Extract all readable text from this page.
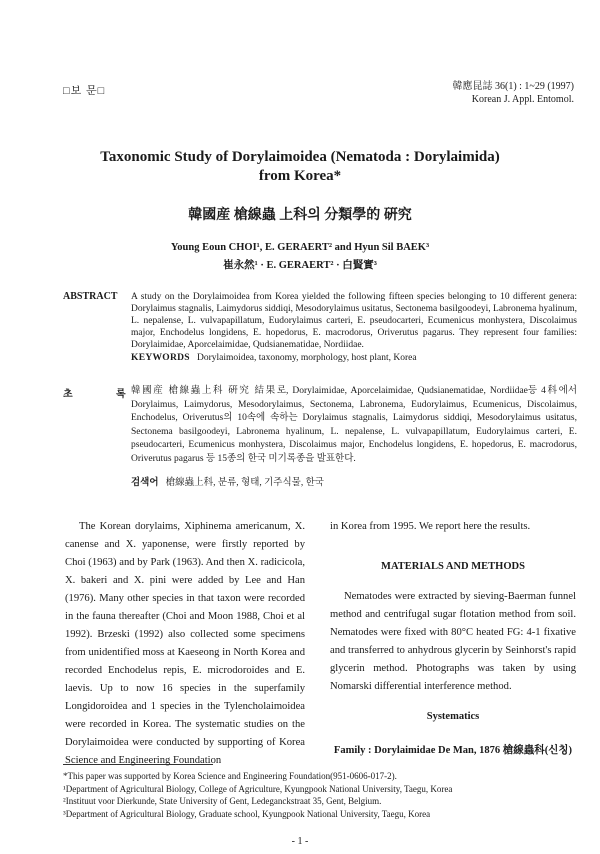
□보 문□	韓應昆誌 36(1) : 1~29 (1997)
Korean J. Appl. Entomol.
Taxonomic Study of Dorylaimoidea (Nematoda : Dorylaimida)
from Korea*
韓國産 槍線蟲 上科의 分類學的 硏究
Young Eoun CHOI¹, E. GERAERT² and Hyun Sil BAEK³
崔永然¹ · E. GERAERT² · 白賢實³
ABSTRACT A study on the Dorylaimoidea from Korea yielded the following fifteen species belonging to 10 different genera: Dorylaimus stagnalis, Laimydorus siddiqi, Mesodorylaimus usitatus, Sectonema basilgoodeyi, Labronema hyalinum, L. nepalense, L. vulvapapillatum, Eudorylaimus carteri, E. pseudocarteri, Ecumenicus monhystera, Discolaimus major, Enchodelus longidens, E. hopedorus, E. macrodorus, Oriverutus pagarus. They represent four families: Dorylaimidae, Aporcelaimidae, Qudsianematidae, Nordiidae.
KEYWORDS Dorylaimoidea, taxonomy, morphology, host plant, Korea
초	록 韓國産 槍線蟲上科 硏究 結果로, Dorylaimidae, Aporcelaimidae, Qudsianematidae, Nordiidae등 4科에서 Dorylaimus, Laimydorus, Mesodorylaimus, Sectonema, Labronema, Eudorylaimus, Ecumenicus, Discolaimus, Enchodelus, Oriverutus의 10속에 속하는 Dorylaimus stagnalis, Laimydorus siddiqi, Mesodorylaimus usitatus, Sectonema basilgoodeyi, Labronema hyalinum, L. nepalense, L. vulvapapillatum, Eudorylaimus carteri, E. pseudocarteri, Ecumenicus monhystera, Discolaimus major, Enchodelus longidens, E. hopedorus, E. macrodorus, Oriverutus pagarus 등 15종의 한국 미기록종을 발표한다.
검색어 槍線蟲上科, 분류, 형태, 기주식물, 한국

The Korean dorylaims, Xiphinema americanum, X. canense and X. yaponense, were firstly reported by Choi (1963) and by Park (1963). And then X. radicicola, X. bakeri and X. pini were added by Lee and Han (1976). Many other species in that taxon were recorded in the fauna thereafter (Choi and Moon 1988, Choi et al 1992). Brzeski (1992) also collected some specimens from unidentified moss at Kaeseong in North Korea and recorded Enchodelus repis, E. microdoroides and E. laevis. Up to now 16 species in the superfamily Longidoroidea and 1 species in the Tylencholaimoidea were recorded in Korea. The systematic studies on the Dorylaimoidea were conducted by supporting of Korea Science and Engineering Foundation

in Korea from 1995. We report here the results.

MATERIALS AND METHODS

Nematodes were extracted by sieving-Baerman funnel method and centrifugal sugar flotation method from soil. Nematodes were fixed with 80°C heated FG: 4-1 fixative and transferred to anhydrous glycerin by Seinhorst's rapid glycerin method. Photographs was taken by using Nomarski differential interference method.

Systematics
Family : Dorylaimidae De Man, 1876 槍線蟲科(신칭)
*This paper was supported by Korea Science and Engineering Foundation(951-0606-017-2).
¹Department of Agricultural Biology, College of Agriculture, Kyungpook National University, Taegu, Korea
²Instituut voor Dierkunde, State University of Gent, Ledeganckstraat 35, Gent, Belgium.
³Department of Agricultural Biology, Graduate school, Kyungpook National University, Taegu, Korea
- 1 -
